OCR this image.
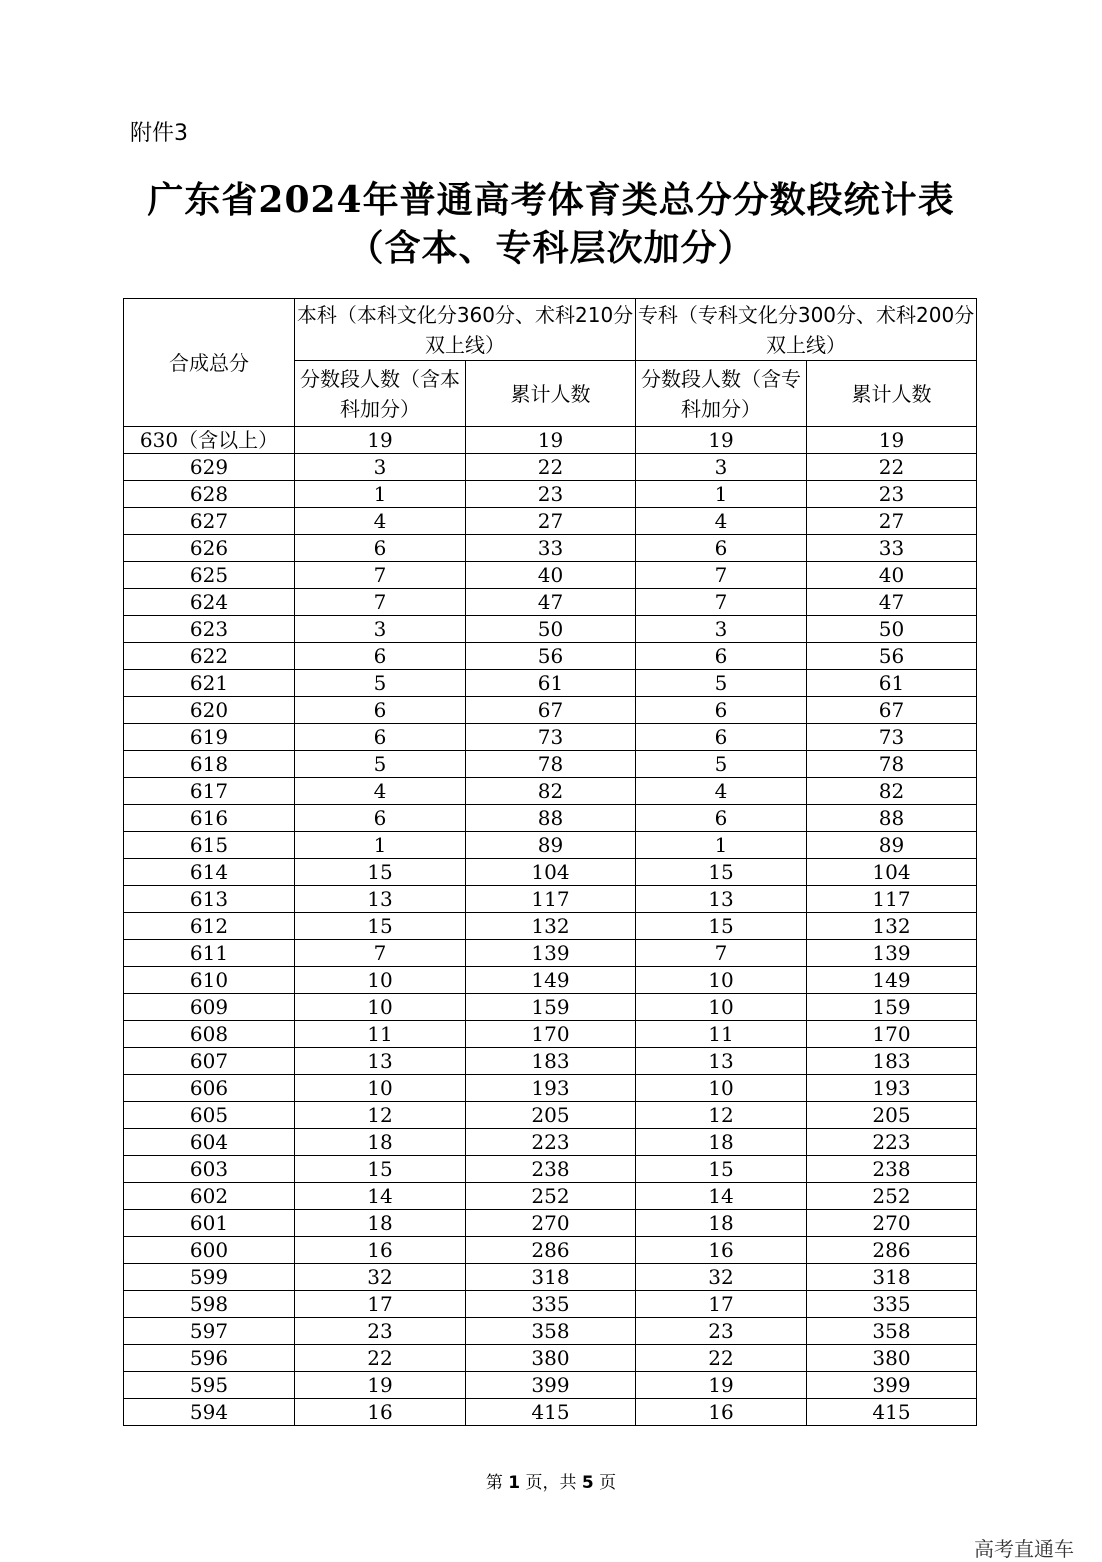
附件3
广东省2024年普通高考体育类总分分数段统计表
（含本、专科层次加分）
合成总分	本科（本科文化分360分、术科210分双上线）		专科（专科文化分300分、术科200分双上线）	
	分数段人数（含本科加分）	累计人数	分数段人数（含专科加分）	累计人数
630（含以上）	19	19	19	19
629	3	22	3	22
628	1	23	1	23
627	4	27	4	27
626	6	33	6	33
625	7	40	7	40
624	7	47	7	47
623	3	50	3	50
622	6	56	6	56
621	5	61	5	61
620	6	67	6	67
619	6	73	6	73
618	5	78	5	78
617	4	82	4	82
616	6	88	6	88
615	1	89	1	89
614	15	104	15	104
613	13	117	13	117
612	15	132	15	132
611	7	139	7	139
610	10	149	10	149
609	10	159	10	159
608	11	170	11	170
607	13	183	13	183
606	10	193	10	193
605	12	205	12	205
604	18	223	18	223
603	15	238	15	238
602	14	252	14	252
601	18	270	18	270
600	16	286	16	286
599	32	318	32	318
598	17	335	17	335
597	23	358	23	358
596	22	380	22	380
595	19	399	19	399
594	16	415	16	415
第 1 页，共 5 页
高考直通车
